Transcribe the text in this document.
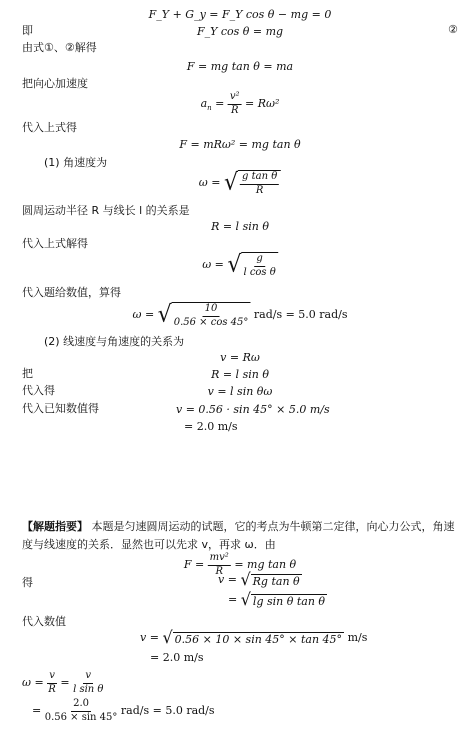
F_Y + G_y = F_Y cos θ − mg = 0
即	F_Y cos θ = mg	②
由式①、②解得
F = mg tan θ = ma
把向心加速度
$a_n = \frac{\text{v²}}{R} = R\omega^2$
代入上式得
F = mRω² = mg tan θ
(1) 角速度为
ω = √ $\frac{\text{g tan θ}}{R}$
圆周运动半径 R 与线长 l 的关系是
R = l sin θ
代入上式解得
ω = √ $\frac{g}{\text{l cos θ}}$
代入题给数值，算得
ω = √ $\frac{10}{0.56 \times \cos 45^\circ} rad/s = 5.0$ rad/s
(2) 线速度与角速度的关系为
v = Rω
把	R = l sin θ
代入得	v = l sin θω
代入已知数值得	v = 0.56 · sin 45° × 5.0 m/s
= 2.0 m/s
【解题指要】 本题是匀速圆周运动的试题，它的考点为牛顿第二定律，向心力公式，角速
度与线速度的关系．显然也可以先求 v，再求 ω．由
$F = \frac{\text{mv²}}{R}$ = mg tan θ
得	v = √ Rg tan θ
= √ lg sin θ tan θ
代入数值
v = √ 0.56 × 10 × sin 45° × tan 45° m/s
= 2.0 m/s
$\omega = \frac{v}{R} = \frac{v}{\text{l sin θ}}$
= $\frac{2.0}{0.56 \times \sin 45^\circ} rad/s = 5.0$ rad/s
